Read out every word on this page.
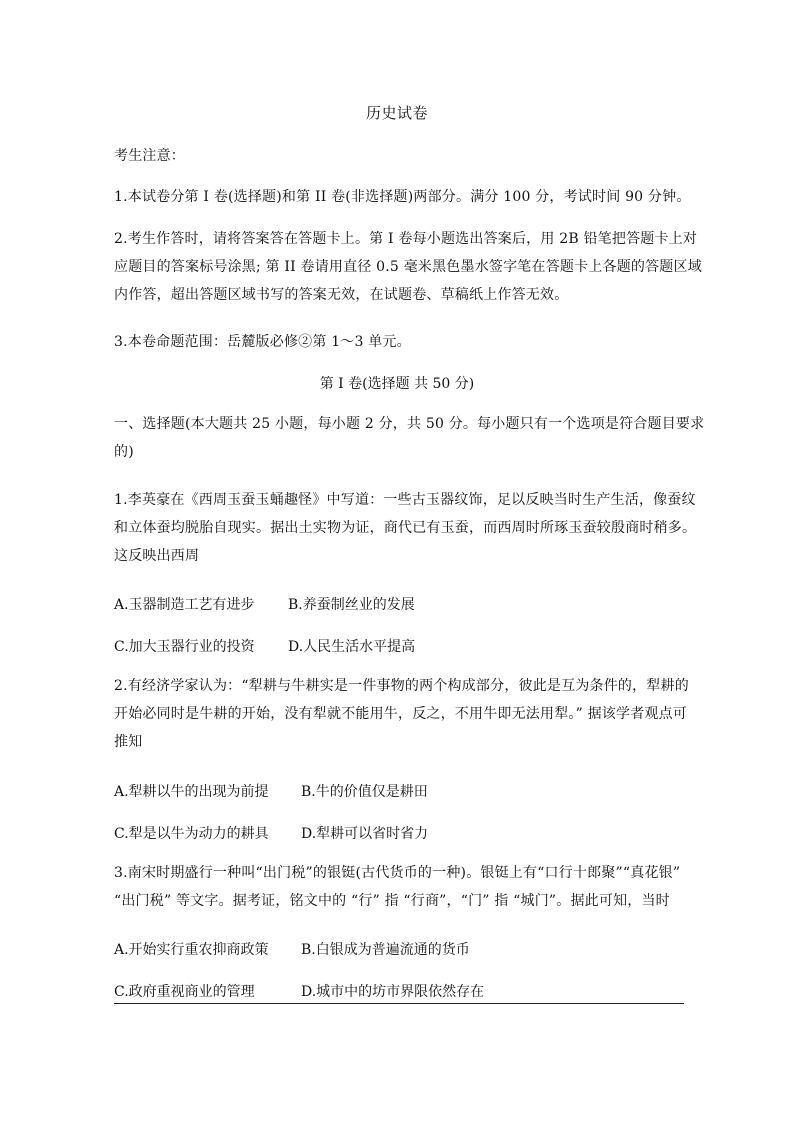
历史试卷
考生注意：
1.本试卷分第 I 卷(选择题)和第 II 卷(非选择题)两部分。满分 100 分，考试时间 90 分钟。
2.考生作答时，请将答案答在答题卡上。第 I 卷每小题选出答案后，用 2B 铅笔把答题卡上对
应题目的答案标号涂黑; 第 II 卷请用直径 0.5 毫米黑色墨水签字笔在答题卡上各题的答题区域
内作答，超出答题区域书写的答案无效，在试题卷、草稿纸上作答无效。
3.本卷命题范围：岳麓版必修②第 1～3 单元。
第 I 卷(选择题 共 50 分)
一、选择题(本大题共 25 小题，每小题 2 分，共 50 分。每小题只有一个选项是符合题目要求
的)
1.李英豪在《西周玉蚕玉蛹趣怪》中写道：一些古玉器纹饰，足以反映当时生产生活，像蚕纹
和立体蚕均脱胎自现实。据出土实物为证，商代已有玉蚕，而西周时所琢玉蚕较殷商时稍多。
这反映出西周
A.玉器制造工艺有进步 B.养蚕制丝业的发展
C.加大玉器行业的投资 D.人民生活水平提高
2.有经济学家认为：“犁耕与牛耕实是一件事物的两个构成部分，彼此是互为条件的，犁耕的
开始必同时是牛耕的开始，没有犁就不能用牛，反之，不用牛即无法用犁。” 据该学者观点可
推知
A.犁耕以牛的出现为前提 B.牛的价值仅是耕田
C.犁是以牛为动力的耕具 D.犁耕可以省时省力
3.南宋时期盛行一种叫“出门税”的银铤(古代货币的一种)。银铤上有“口行十郎聚”“真花银”
“出门税” 等文字。据考证，铭文中的 “行” 指 “行商”，“门” 指 “城门”。据此可知，当时
A.开始实行重农抑商政策 B.白银成为普遍流通的货币
C.政府重视商业的管理	D.城市中的坊市界限依然存在
